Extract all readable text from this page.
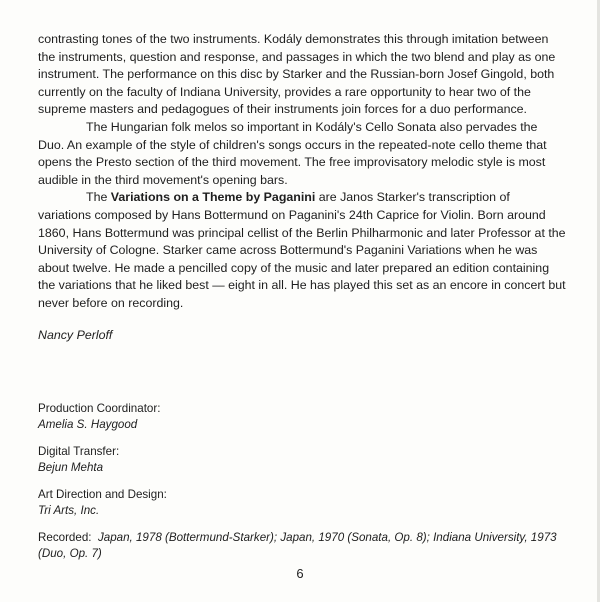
contrasting tones of the two instruments. Kodály demonstrates this through imitation between the instruments, question and response, and passages in which the two blend and play as one instrument. The performance on this disc by Starker and the Russian-born Josef Gingold, both currently on the faculty of Indiana University, provides a rare opportunity to hear two of the supreme masters and pedagogues of their instruments join forces for a duo performance.

The Hungarian folk melos so important in Kodály's Cello Sonata also pervades the Duo. An example of the style of children's songs occurs in the repeated-note cello theme that opens the Presto section of the third movement. The free improvisatory melodic style is most audible in the third movement's opening bars.

The Variations on a Theme by Paganini are Janos Starker's transcription of variations composed by Hans Bottermund on Paganini's 24th Caprice for Violin. Born around 1860, Hans Bottermund was principal cellist of the Berlin Philharmonic and later Professor at the University of Cologne. Starker came across Bottermund's Paganini Variations when he was about twelve. He made a pencilled copy of the music and later prepared an edition containing the variations that he liked best — eight in all. He has played this set as an encore in concert but never before on recording.

Nancy Perloff
Production Coordinator:
Amelia S. Haygood
Digital Transfer:
Bejun Mehta
Art Direction and Design:
Tri Arts, Inc.

Recorded: Japan, 1978 (Bottermund-Starker); Japan, 1970 (Sonata, Op. 8); Indiana University, 1973 (Duo, Op. 7)

6
